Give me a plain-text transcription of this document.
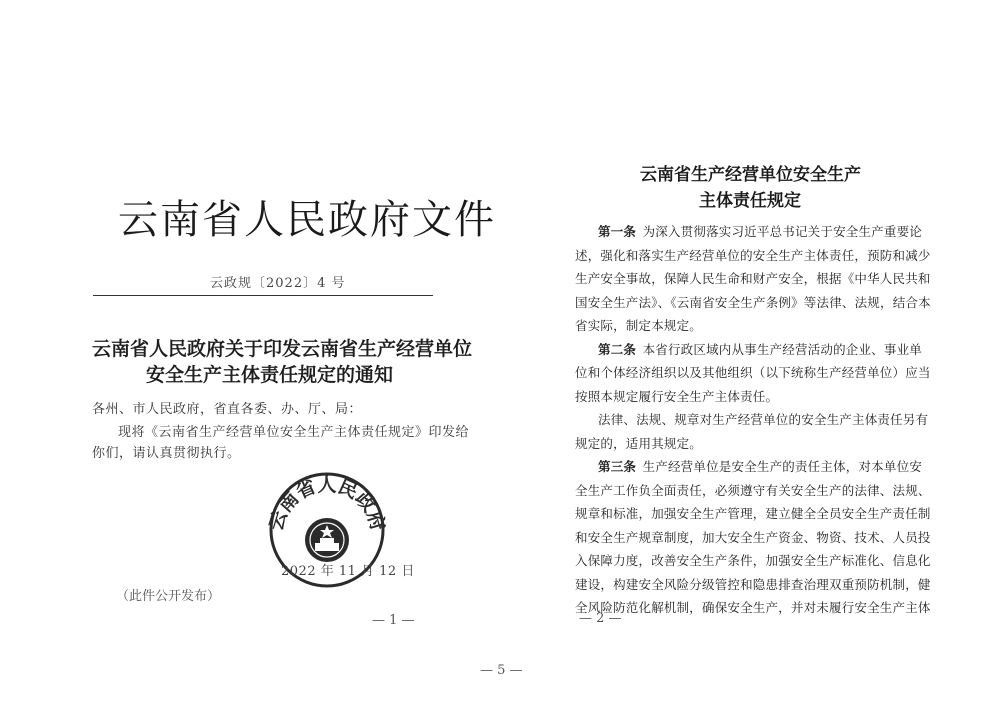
云南省人民政府文件
云政规〔2022〕4 号
云南省人民政府关于印发云南省生产经营单位
安全生产主体责任规定的通知
各州、市人民政府，省直各委、办、厅、局：
现将《云南省生产经营单位安全生产主体责任规定》印发给
你们，请认真贯彻执行。
云南省人民政府
2022 年 11 月 12 日
（此件公开发布）
— 1 —
云南省生产经营单位安全生产
主体责任规定
第一条  为深入贯彻落实习近平总书记关于安全生产重要论
述，强化和落实生产经营单位的安全生产主体责任，预防和减少
生产安全事故，保障人民生命和财产安全，根据《中华人民共和
国安全生产法》、《云南省安全生产条例》等法律、法规，结合本
省实际，制定本规定。
第二条  本省行政区域内从事生产经营活动的企业、事业单
位和个体经济组织以及其他组织（以下统称生产经营单位）应当
按照本规定履行安全生产主体责任。
法律、法规、规章对生产经营单位的安全生产主体责任另有
规定的，适用其规定。
第三条  生产经营单位是安全生产的责任主体，对本单位安
全生产工作负全面责任，必须遵守有关安全生产的法律、法规、
规章和标准，加强安全生产管理，建立健全全员安全生产责任制
和安全生产规章制度，加大安全生产资金、物资、技术、人员投
入保障力度，改善安全生产条件，加强安全生产标准化、信息化
建设，构建安全风险分级管控和隐患排查治理双重预防机制，健
全风险防范化解机制，确保安全生产，并对未履行安全生产主体
— 2 —
— 5 —
